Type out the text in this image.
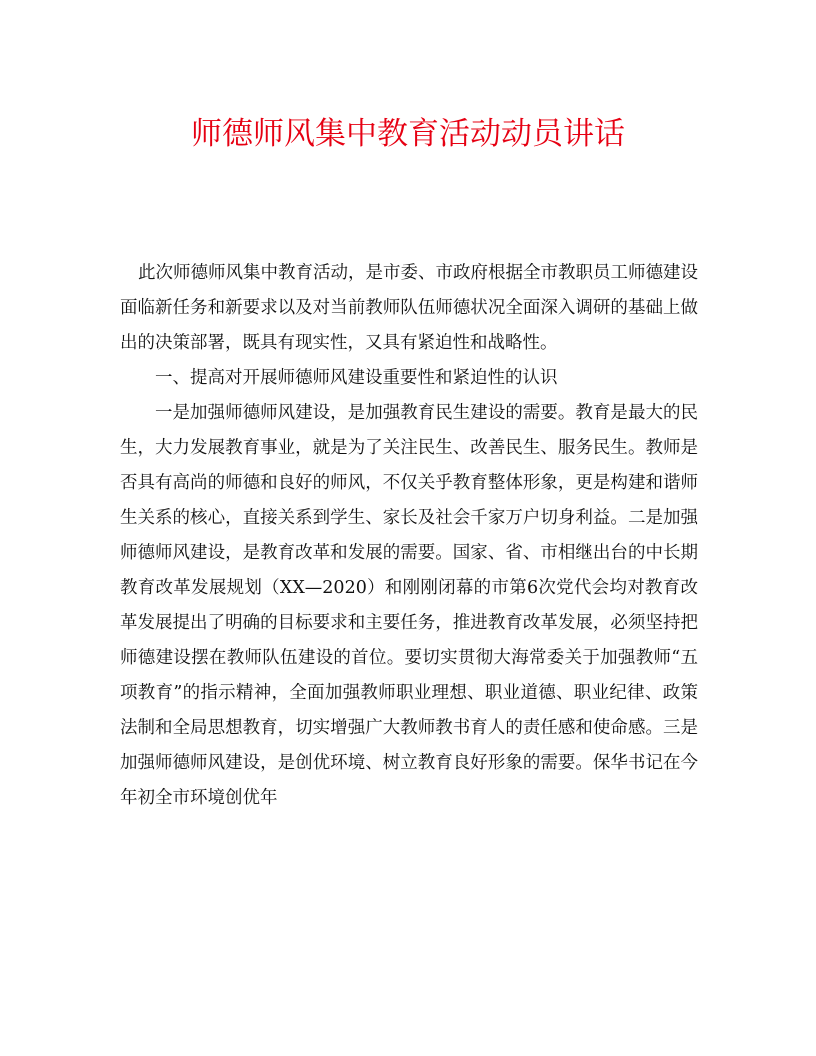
师德师风集中教育活动动员讲话

此次师德师风集中教育活动，是市委、市政府根据全市教职员工师德建设面临新任务和新要求以及对当前教师队伍师德状况全面深入调研的基础上做出的决策部署，既具有现实性，又具有紧迫性和战略性。

一、提高对开展师德师风建设重要性和紧迫性的认识

一是加强师德师风建设，是加强教育民生建设的需要。教育是最大的民生，大力发展教育事业，就是为了关注民生、改善民生、服务民生。教师是否具有高尚的师德和良好的师风，不仅关乎教育整体形象，更是构建和谐师生关系的核心，直接关系到学生、家长及社会千家万户切身利益。二是加强师德师风建设，是教育改革和发展的需要。国家、省、市相继出台的中长期教育改革发展规划（XX—2020）和刚刚闭幕的市第6次党代会均对教育改革发展提出了明确的目标要求和主要任务，推进教育改革发展，必须坚持把师德建设摆在教师队伍建设的首位。要切实贯彻大海常委关于加强教师“五项教育”的指示精神，全面加强教师职业理想、职业道德、职业纪律、政策法制和全局思想教育，切实增强广大教师教书育人的责任感和使命感。三是加强师德师风建设，是创优环境、树立教育良好形象的需要。保华书记在今年初全市环境创优年
